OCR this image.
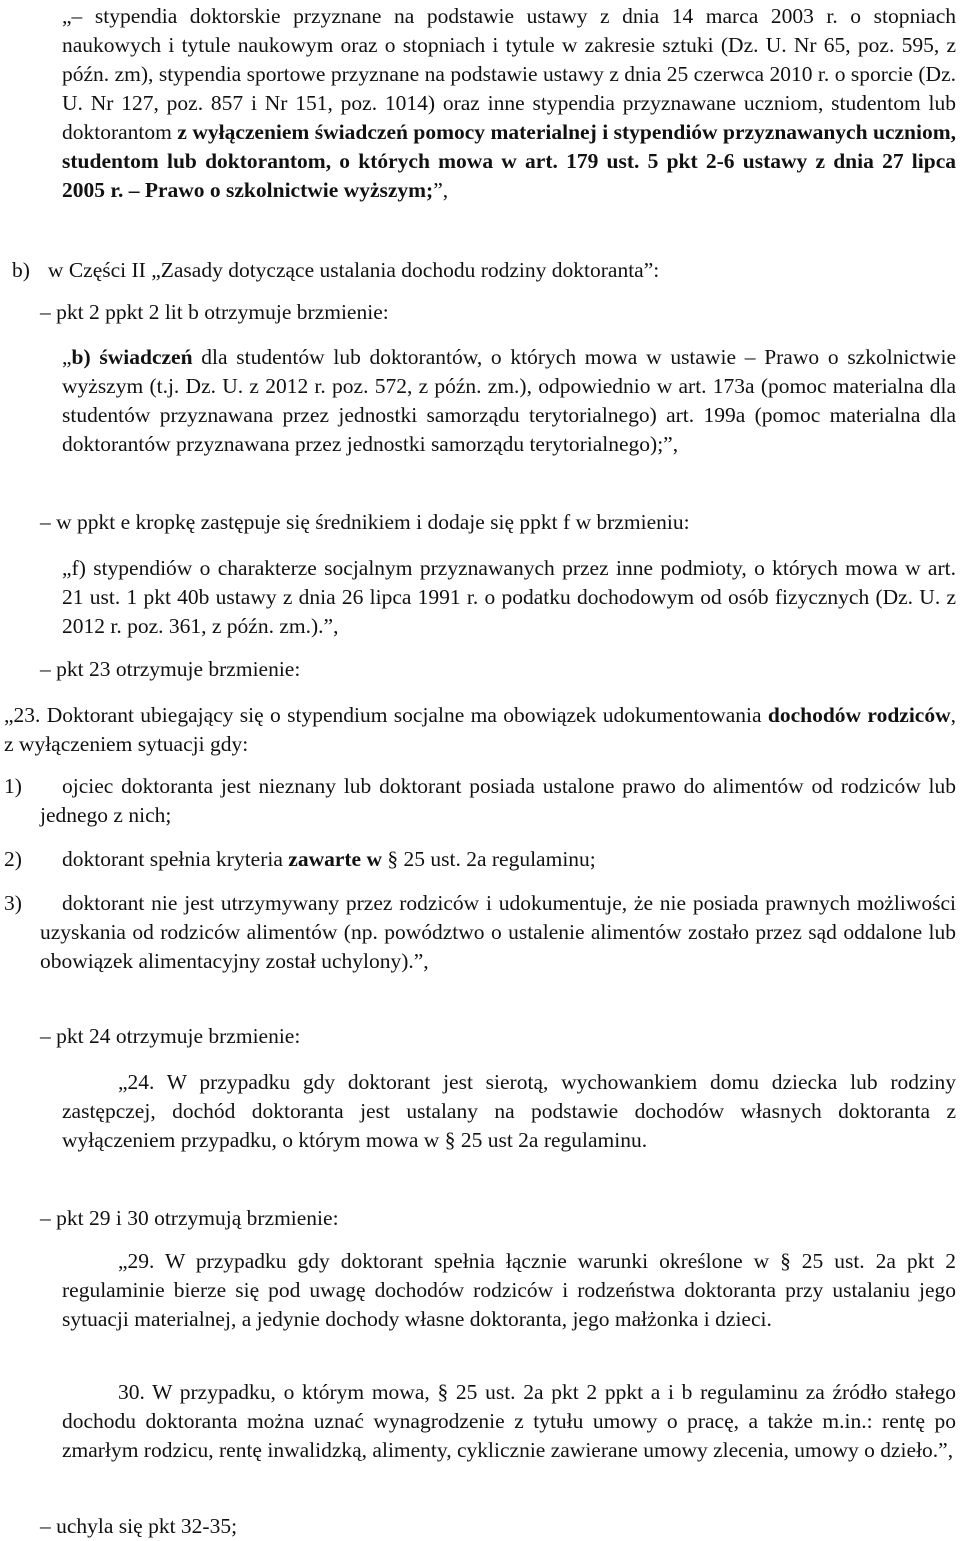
„– stypendia doktorskie przyznane na podstawie ustawy z dnia 14 marca 2003 r. o stopniach naukowych i tytule naukowym oraz o stopniach i tytule w zakresie sztuki (Dz. U. Nr 65, poz. 595, z późn. zm), stypendia sportowe przyznane na podstawie ustawy z dnia 25 czerwca 2010 r. o sporcie (Dz. U. Nr 127, poz. 857 i Nr 151, poz. 1014) oraz inne stypendia przyznawane uczniom, studentom lub doktorantom z wyłączeniem świadczeń pomocy materialnej i stypendiów przyznawanych uczniom, studentom lub doktorantom, o których mowa w art. 179 ust. 5 pkt 2-6 ustawy z dnia 27 lipca 2005 r. – Prawo o szkolnictwie wyższym;”,

b) w Części II „Zasady dotyczące ustalania dochodu rodziny doktoranta”:

– pkt 2 ppkt 2 lit b otrzymuje brzmienie:

„b) świadczeń dla studentów lub doktorantów, o których mowa w ustawie – Prawo o szkolnictwie wyższym (t.j. Dz. U. z 2012 r. poz. 572, z późn. zm.), odpowiednio w art. 173a (pomoc materialna dla studentów przyznawana przez jednostki samorządu terytorialnego) art. 199a (pomoc materialna dla doktorantów przyznawana przez jednostki samorządu terytorialnego);”,

– w ppkt e kropkę zastępuje się średnikiem i dodaje się ppkt f w brzmieniu:

„f) stypendiów o charakterze socjalnym przyznawanych przez inne podmioty, o których mowa w art. 21 ust. 1 pkt 40b ustawy z dnia 26 lipca 1991 r. o podatku dochodowym od osób fizycznych (Dz. U. z 2012 r. poz. 361, z późn. zm.).”,

– pkt 23 otrzymuje brzmienie:

„23. Doktorant ubiegający się o stypendium socjalne ma obowiązek udokumentowania dochodów rodziców, z wyłączeniem sytuacji gdy:

1)	ojciec doktoranta jest nieznany lub doktorant posiada ustalone prawo do alimentów od rodziców lub jednego z nich;

2) doktorant spełnia kryteria zawarte w § 25 ust. 2a regulaminu;

3)	doktorant nie jest utrzymywany przez rodziców i udokumentuje, że nie posiada prawnych możliwości uzyskania od rodziców alimentów (np. powództwo o ustalenie alimentów zostało przez sąd oddalone lub obowiązek alimentacyjny został uchylony).”,

– pkt 24 otrzymuje brzmienie:

„24. W przypadku gdy doktorant jest sierotą, wychowankiem domu dziecka lub rodziny zastępczej, dochód doktoranta jest ustalany na podstawie dochodów własnych doktoranta z wyłączeniem przypadku, o którym mowa w § 25 ust 2a regulaminu.

– pkt 29 i 30 otrzymują brzmienie:

„29. W przypadku gdy doktorant spełnia łącznie warunki określone w § 25 ust. 2a pkt 2 regulaminie bierze się pod uwagę dochodów rodziców i rodzeństwa doktoranta przy ustalaniu jego sytuacji materialnej, a jedynie dochody własne doktoranta, jego małżonka i dzieci.

30. W przypadku, o którym mowa, § 25 ust. 2a pkt 2 ppkt a i b regulaminu za źródło stałego dochodu doktoranta można uznać wynagrodzenie z tytułu umowy o pracę, a także m.in.: rentę po zmarłym rodzicu, rentę inwalidzką, alimenty, cyklicznie zawierane umowy zlecenia, umowy o dzieło.”,

– uchyla się pkt 32-35;
